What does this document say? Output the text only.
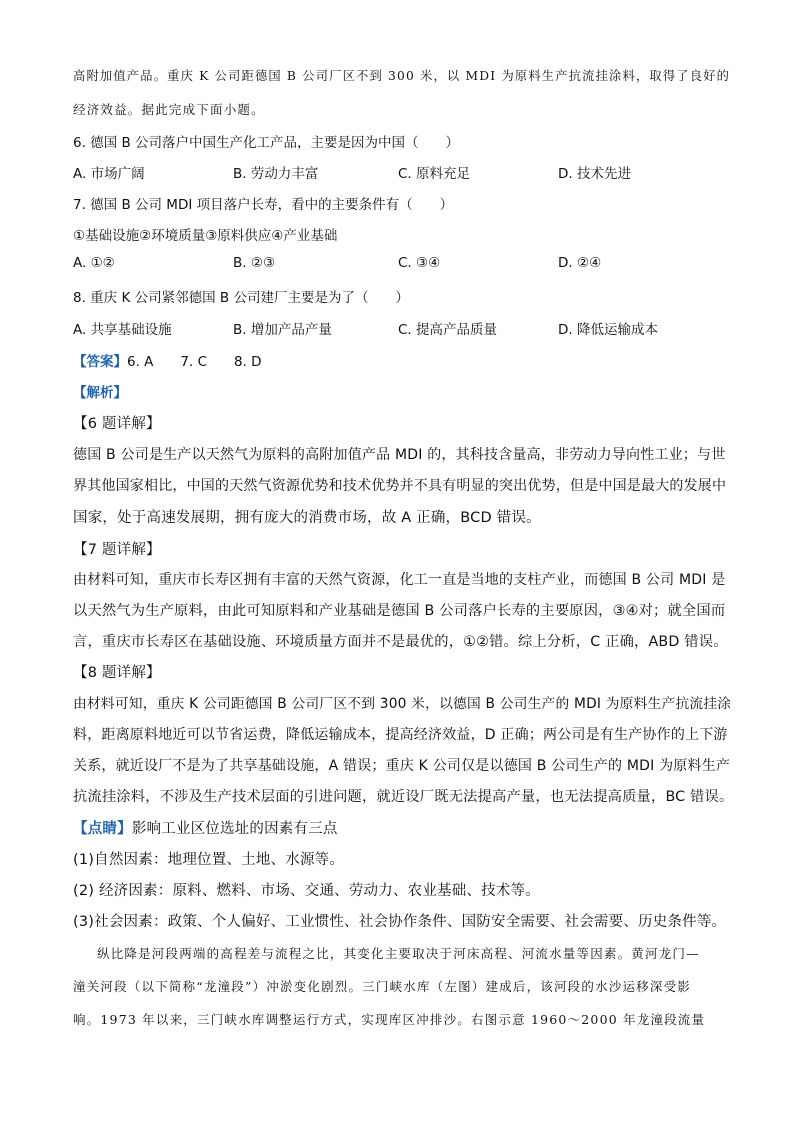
高附加值产品。重庆 K 公司距德国 B 公司厂区不到 300 米，以 MDI 为原料生产抗流挂涂料，取得了良好的
经济效益。据此完成下面小题。
6. 德国 B 公司落户中国生产化工产品，主要是因为中国（　　）
A. 市场广阔	B. 劳动力丰富	C. 原料充足	D. 技术先进
7. 德国 B 公司 MDI 项目落户长寿，看中的主要条件有（　　）
①基础设施②环境质量③原料供应④产业基础
A. ①②	B. ②③	C. ③④	D. ②④
8. 重庆 K 公司紧邻德国 B 公司建厂主要是为了（　　）
A. 共享基础设施	B. 增加产品产量	C. 提高产品质量	D. 降低运输成本
【答案】6. A　　7. C　　8. D
【解析】
【6 题详解】
德国 B 公司是生产以天然气为原料的高附加值产品 MDI 的，其科技含量高，非劳动力导向性工业；与世
界其他国家相比，中国的天然气资源优势和技术优势并不具有明显的突出优势，但是中国是最大的发展中
国家，处于高速发展期，拥有庞大的消费市场，故 A 正确，BCD 错误。
【7 题详解】
由材料可知，重庆市长寿区拥有丰富的天然气资源，化工一直是当地的支柱产业，而德国 B 公司 MDI 是
以天然气为生产原料，由此可知原料和产业基础是德国 B 公司落户长寿的主要原因，③④对；就全国而
言，重庆市长寿区在基础设施、环境质量方面并不是最优的，①②错。综上分析，C 正确，ABD 错误。
【8 题详解】
由材料可知，重庆 K 公司距德国 B 公司厂区不到 300 米，以德国 B 公司生产的 MDI 为原料生产抗流挂涂
料，距离原料地近可以节省运费，降低运输成本，提高经济效益，D 正确；两公司是有生产协作的上下游
关系，就近设厂不是为了共享基础设施，A 错误；重庆 K 公司仅是以德国 B 公司生产的 MDI 为原料生产
抗流挂涂料，不涉及生产技术层面的引进问题，就近设厂既无法提高产量，也无法提高质量，BC 错误。
【点睛】影响工业区位选址的因素有三点
(1)自然因素：地理位置、土地、水源等。
(2) 经济因素：原料、燃料、市场、交通、劳动力、农业基础、技术等。
(3)社会因素：政策、个人偏好、工业惯性、社会协作条件、国防安全需要、社会需要、历史条件等。
纵比降是河段两端的高程差与流程之比，其变化主要取决于河床高程、河流水量等因素。黄河龙门—
潼关河段（以下简称“龙潼段”）冲淤变化剧烈。三门峡水库（左图）建成后，该河段的水沙运移深受影
响。1973 年以来，三门峡水库调整运行方式，实现库区冲排沙。右图示意 1960～2000 年龙潼段流量
